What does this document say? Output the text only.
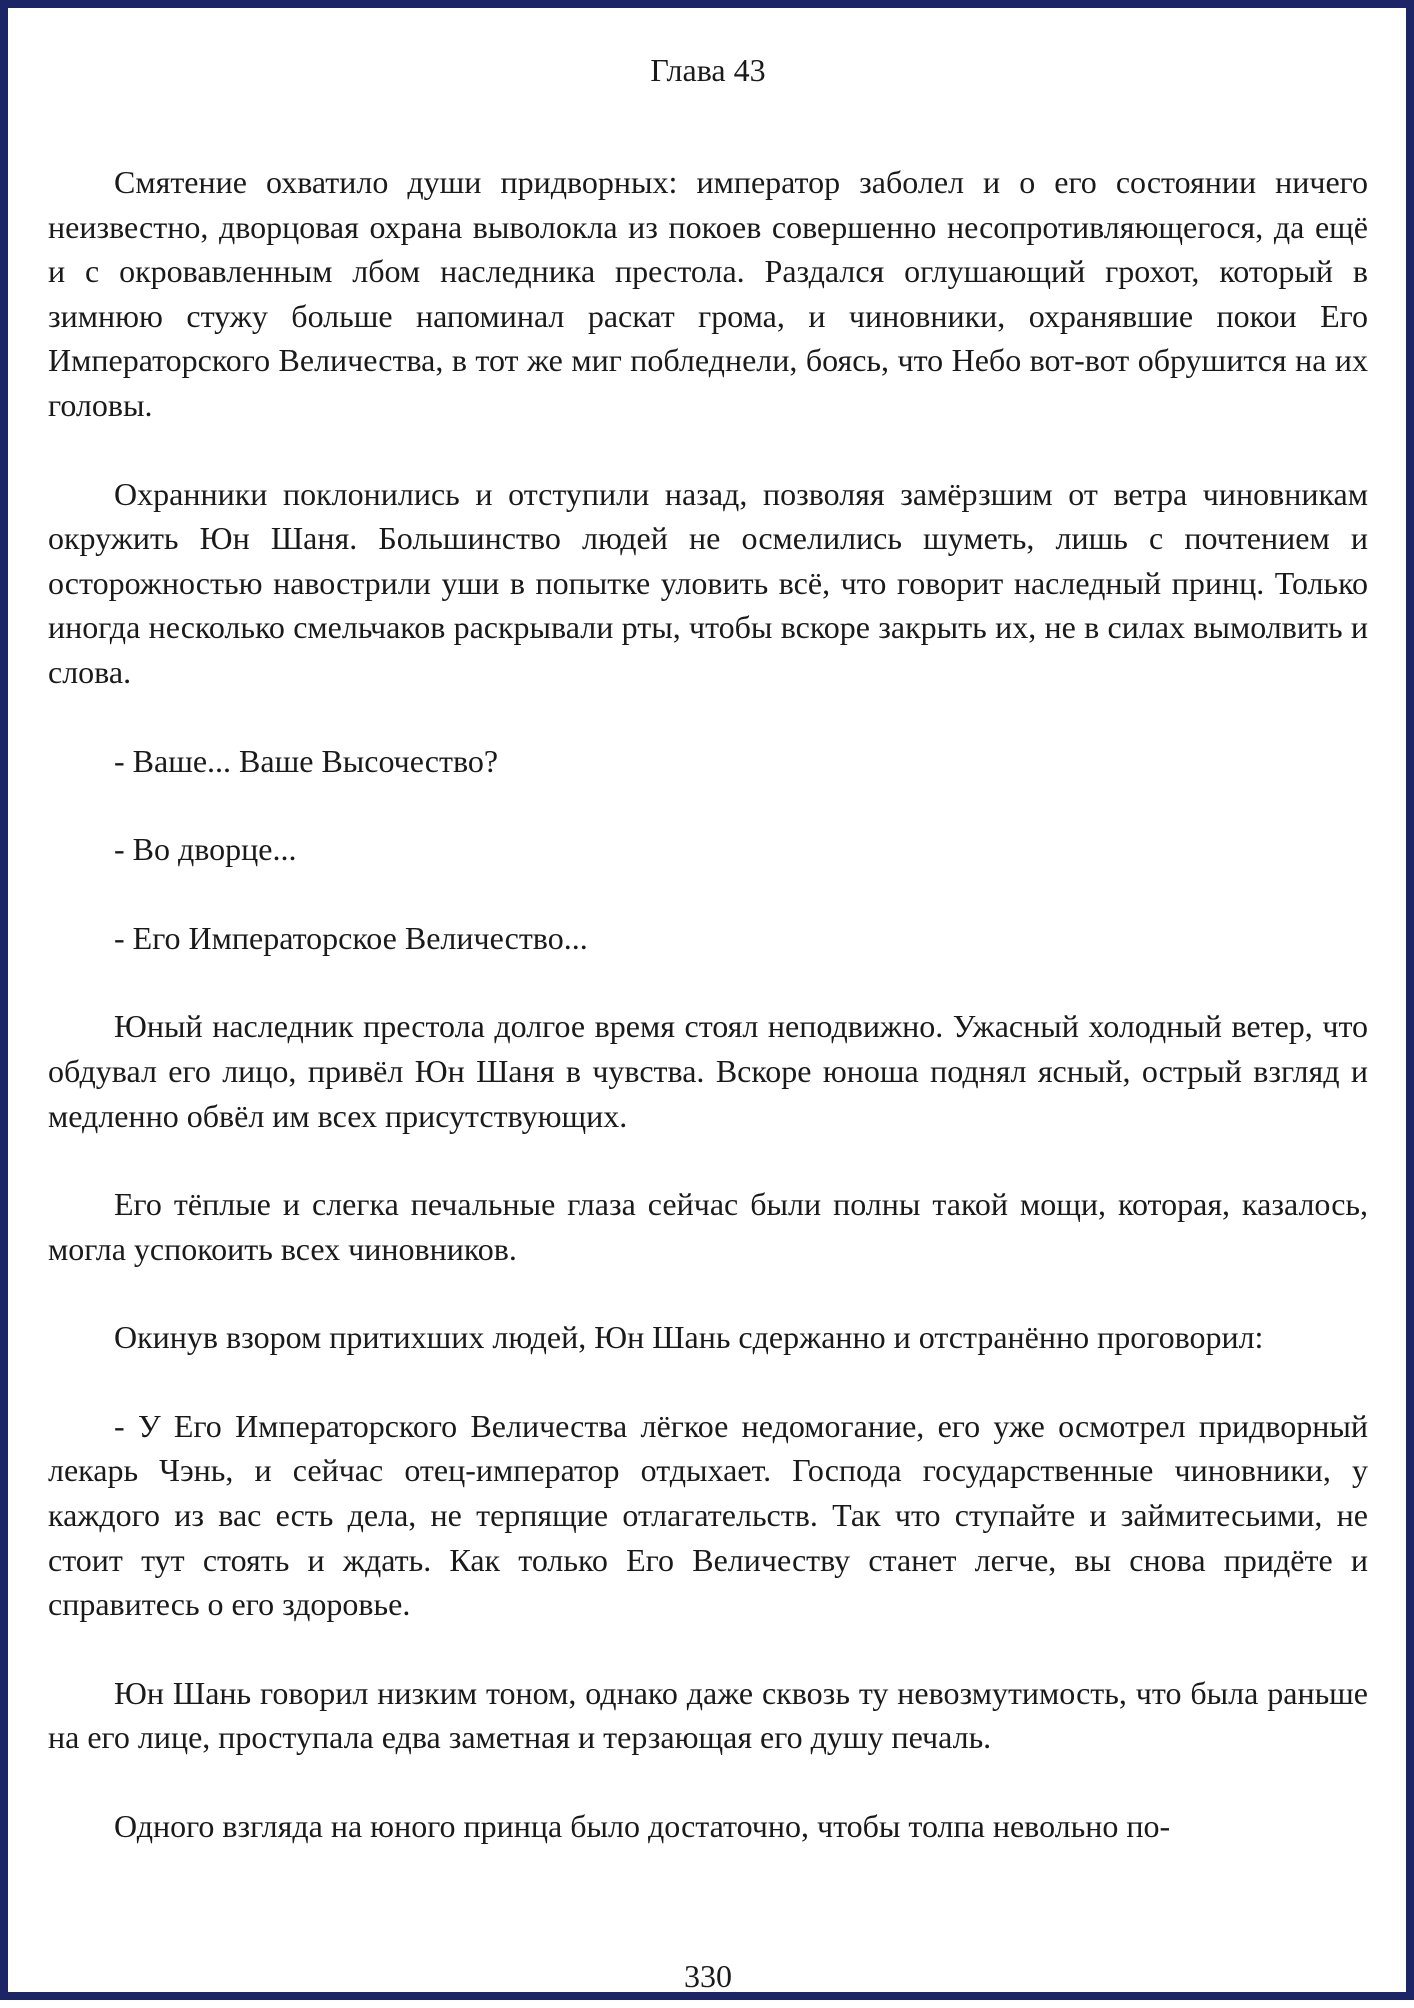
Глава 43

Смятение охватило души придворных: император заболел и о его состоянии ничего неизвестно, дворцовая охрана выволокла из покоев совершенно несопротивляющегося, да ещё и с окровавленным лбом наследника престола. Раздался оглушающий грохот, который в зимнюю стужу больше напоминал раскат грома, и чиновники, охранявшие покои Его Императорского Величества, в тот же миг побледнели, боясь, что Небо вот-вот обрушится на их головы.

Охранники поклонились и отступили назад, позволяя замёрзшим от ветра чиновникам окружить Юн Шаня. Большинство людей не осмелились шуметь, лишь с почтением и осторожностью навострили уши в попытке уловить всё, что говорит наследный принц. Только иногда несколько смельчаков раскрывали рты, чтобы вскоре закрыть их, не в силах вымолвить и слова.

- Ваше... Ваше Высочество?

- Во дворце...

- Его Императорское Величество...

Юный наследник престола долгое время стоял неподвижно. Ужасный холодный ветер, что обдувал его лицо, привёл Юн Шаня в чувства. Вскоре юноша поднял ясный, острый взгляд и медленно обвёл им всех присутствующих.

Его тёплые и слегка печальные глаза сейчас были полны такой мощи, которая, казалось, могла успокоить всех чиновников.

Окинув взором притихших людей, Юн Шань сдержанно и отстранённо проговорил:

- У Его Императорского Величества лёгкое недомогание, его уже осмотрел придворный лекарь Чэнь, и сейчас отец-император отдыхает. Господа государственные чиновники, у каждого из вас есть дела, не терпящие отлагательств. Так что ступайте и займитесьими, не стоит тут стоять и ждать. Как только Его Величеству станет легче, вы снова придёте и справитесь о его здоровье.

Юн Шань говорил низким тоном, однако даже сквозь ту невозмутимость, что была раньше на его лице, проступала едва заметная и терзающая его душу печаль.

Одного взгляда на юного принца было достаточно, чтобы толпа невольно по-

330
